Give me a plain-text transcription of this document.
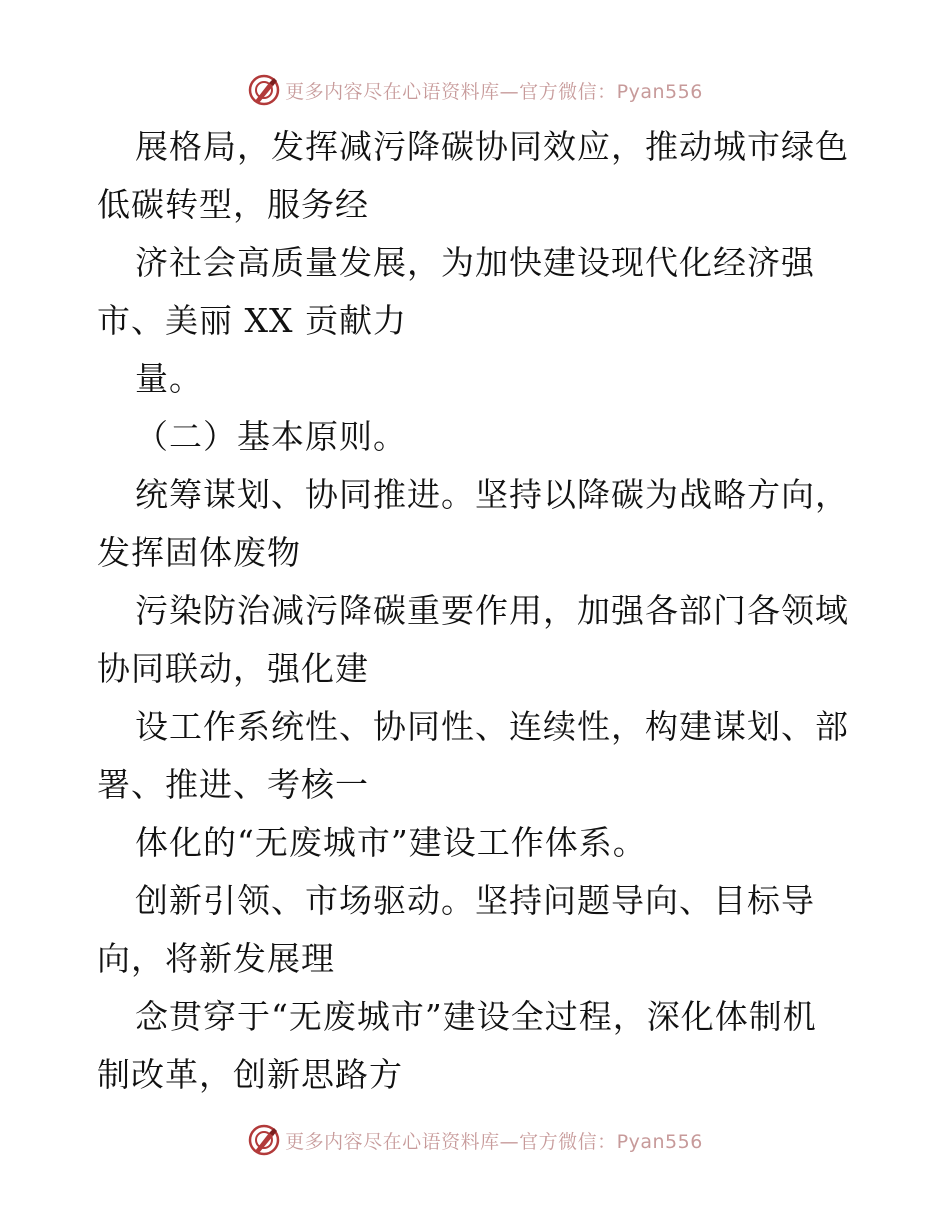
更多内容尽在心语资料库—官方微信：Pyan556
展格局，发挥减污降碳协同效应，推动城市绿色
低碳转型，服务经
济社会高质量发展，为加快建设现代化经济强
市、美丽 XX 贡献力
量。
（二）基本原则。
统筹谋划、协同推进。坚持以降碳为战略方向，
发挥固体废物
污染防治减污降碳重要作用，加强各部门各领域
协同联动，强化建
设工作系统性、协同性、连续性，构建谋划、部
署、推进、考核一
体化的“无废城市”建设工作体系。
创新引领、市场驱动。坚持问题导向、目标导
向，将新发展理
念贯穿于“无废城市”建设全过程，深化体制机
制改革，创新思路方
更多内容尽在心语资料库—官方微信：Pyan556
